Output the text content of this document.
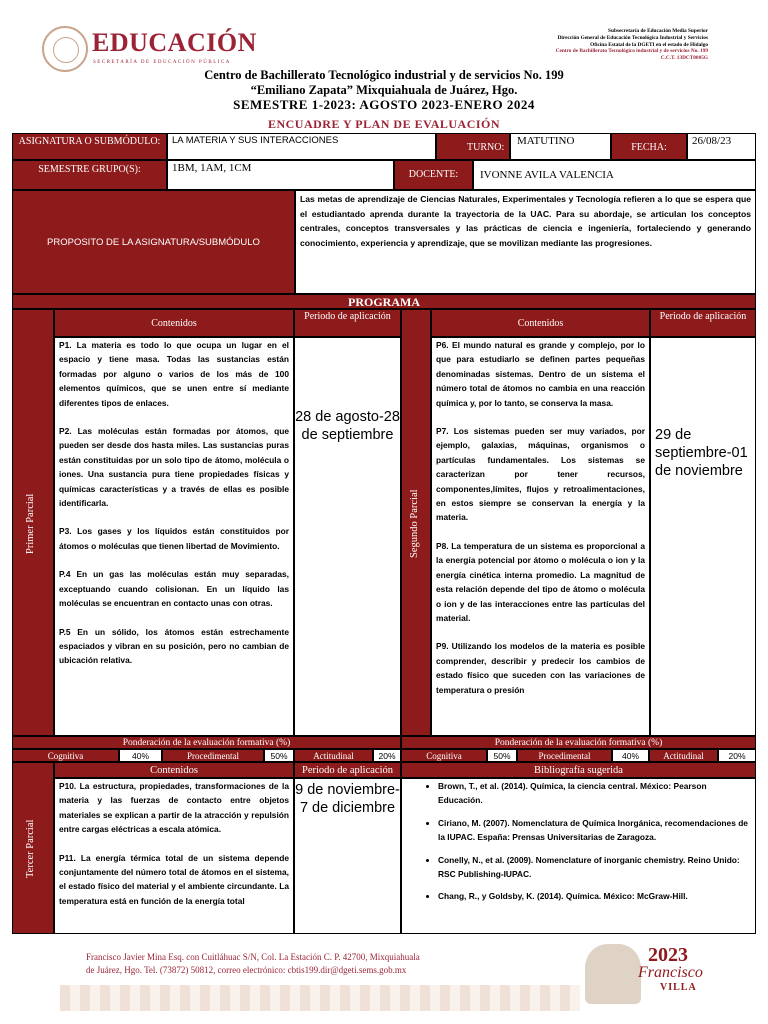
EDUCACIÓN
SECRETARÍA DE EDUCACIÓN PÚBLICA
Subsecretaría de Educación Media Superior
Dirección General de Educación Tecnológica Industrial y Servicios
Oficina Estatal de la DGETI en el estado de Hidalgo
Centro de Bachillerato Tecnológico industrial y de servicios No. 199
C.C.T. 13DCT0005G
Centro de Bachillerato Tecnológico industrial y de servicios No. 199
“Emiliano Zapata” Mixquiahuala de Juárez, Hgo.
SEMESTRE 1-2023: AGOSTO 2023-ENERO 2024
ENCUADRE Y PLAN DE EVALUACIÓN
ASIGNATURA O SUBMÓDULO:	LA MATERIA Y SUS INTERACCIONES
TURNO:
MATUTINO
FECHA:
26/08/23
SEMESTRE GRUPO(S):	1BM, 1AM, 1CM
DOCENTE:	IVONNE AVILA VALENCIA
PROPOSITO DE LA ASIGNATURA/SUBMÓDULO
Las metas de aprendizaje de Ciencias Naturales, Experimentales y Tecnología refieren a lo que se espera que el estudiantado aprenda durante la trayectoria de la UAC. Para su abordaje, se articulan los conceptos centrales, conceptos transversales y las prácticas de ciencia e ingeniería, fortaleciendo y generando conocimiento, experiencia y aprendizaje, que se movilizan mediante las progresiones.
PROGRAMA
Primer Parcial
Contenidos
Periodo de aplicación

P1. La materia es todo lo que ocupa un lugar en el espacio y tiene masa. Todas las sustancias están formadas por alguno o varios de los más de 100 elementos químicos, que se unen entre sí mediante diferentes tipos de enlaces.

P2. Las moléculas están formadas por átomos, que pueden ser desde dos hasta miles. Las sustancias puras están constituidas por un solo tipo de átomo, molécula o iones. Una sustancia pura tiene propiedades físicas y químicas características y a través de ellas es posible identificarla.

P3. Los gases y los líquidos están constituidos por átomos o moléculas que tienen libertad de Movimiento.

P.4 En un gas las moléculas están muy separadas, exceptuando cuando colisionan. En un líquido las moléculas se encuentran en contacto unas con otras.

P.5 En un sólido, los átomos están estrechamente espaciados y vibran en su posición, pero no cambian de ubicación relativa.

28 de agosto-28 de septiembre
Segundo Parcial
Contenidos
Periodo de aplicación

P6. El mundo natural es grande y complejo, por lo que para estudiarlo se definen partes pequeñas denominadas sistemas. Dentro de un sistema el número total de átomos no cambia en una reacción química y, por lo tanto, se conserva la masa.

P7. Los sistemas pueden ser muy variados, por ejemplo, galaxias, máquinas, organismos o partículas fundamentales. Los sistemas se caracterizan por tener recursos, componentes,límites, flujos y retroalimentaciones, en estos siempre se conservan la energía y la materia.

P8. La temperatura de un sistema es proporcional a la energía potencial por átomo o molécula o ion y la energía cinética interna promedio. La magnitud de esta relación depende del tipo de átomo o molécula o ion y de las interacciones entre las partículas del material.

P9. Utilizando los modelos de la materia es posible comprender, describir y predecir los cambios de estado físico que suceden con las variaciones de temperatura o presión

29 de septiembre-01 de noviembre
Ponderación de la evaluación formativa (%)	Ponderación de la evaluación formativa (%)
Cognitiva	40%	Procedimental	50%	Actitudinal	20%	Cognitiva	50%	Procedimental	40%	Actitudinal	20%
Tercer Parcial
Contenidos	Periodo de aplicación	Bibliografía sugerida

P10. La estructura, propiedades, transformaciones de la materia y las fuerzas de contacto entre objetos materiales se explican a partir de la atracción y repulsión entre cargas eléctricas a escala atómica.

P11. La energía térmica total de un sistema depende conjuntamente del número total de átomos en el sistema, el estado físico del material y el ambiente circundante. La temperatura está en función de la energía total

9 de noviembre-7 de diciembre
• Brown, T., et al. (2014). Química, la ciencia central. México: Pearson Educación.
• Ciriano, M. (2007). Nomenclatura de Química Inorgánica, recomendaciones de la IUPAC. España: Prensas Universitarias de Zaragoza.
• Conelly, N., et al. (2009). Nomenclature of inorganic chemistry. Reino Unido: RSC Publishing-IUPAC.
• Chang, R., y Goldsby, K. (2014). Química. México: McGraw-Hill.
Francisco Javier Mina Esq. con Cuitláhuac S/N, Col. La Estación C. P. 42700, Mixquiahuala
de Juárez, Hgo. Tel. (73872) 50812, correo electrónico: cbtis199.dir@dgeti.sems.gob.mx
2023
Francisco
VILLA
